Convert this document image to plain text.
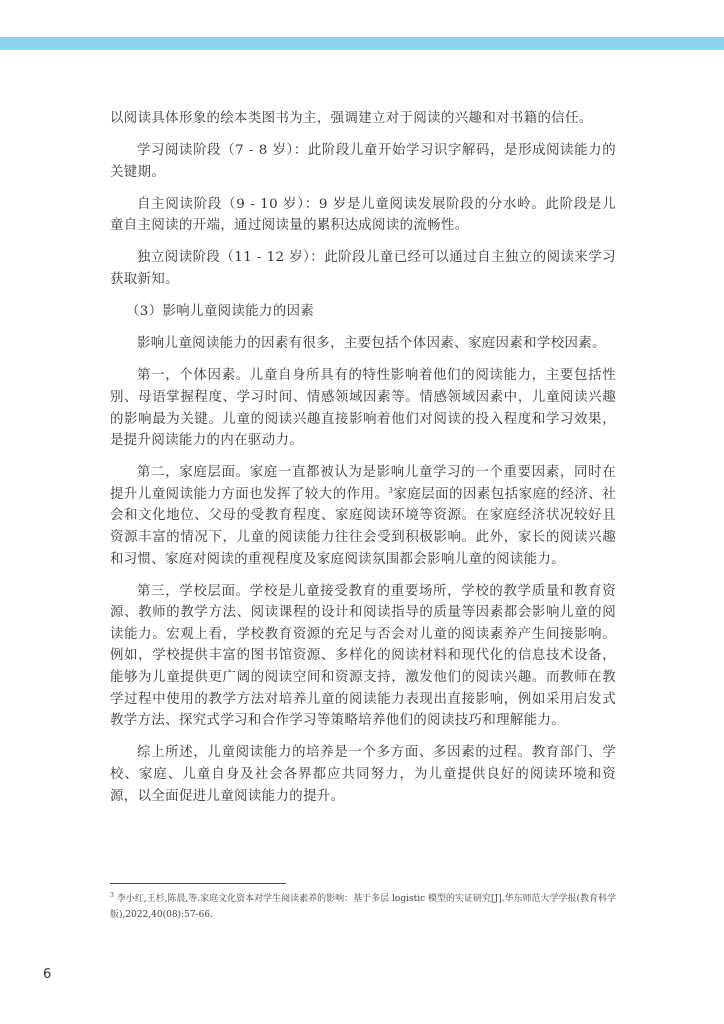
以阅读具体形象的绘本类图书为主，强调建立对于阅读的兴趣和对书籍的信任。

学习阅读阶段（7 - 8 岁）：此阶段儿童开始学习识字解码，是形成阅读能力的关键期。

自主阅读阶段（9 - 10 岁）：9 岁是儿童阅读发展阶段的分水岭。此阶段是儿童自主阅读的开端，通过阅读量的累积达成阅读的流畅性。

独立阅读阶段（11 - 12 岁）：此阶段儿童已经可以通过自主独立的阅读来学习获取新知。

（3）影响儿童阅读能力的因素

影响儿童阅读能力的因素有很多，主要包括个体因素、家庭因素和学校因素。

第一，个体因素。儿童自身所具有的特性影响着他们的阅读能力，主要包括性别、母语掌握程度、学习时间、情感领域因素等。情感领域因素中，儿童阅读兴趣的影响最为关键。儿童的阅读兴趣直接影响着他们对阅读的投入程度和学习效果，是提升阅读能力的内在驱动力。

第二，家庭层面。家庭一直都被认为是影响儿童学习的一个重要因素，同时在提升儿童阅读能力方面也发挥了较大的作用。$^3$家庭层面的因素包括家庭的经济、社会和文化地位、父母的受教育程度、家庭阅读环境等资源。在家庭经济状况较好且资源丰富的情况下，儿童的阅读能力往往会受到积极影响。此外，家长的阅读兴趣和习惯、家庭对阅读的重视程度及家庭阅读氛围都会影响儿童的阅读能力。

第三，学校层面。学校是儿童接受教育的重要场所，学校的教学质量和教育资源、教师的教学方法、阅读课程的设计和阅读指导的质量等因素都会影响儿童的阅读能力。宏观上看，学校教育资源的充足与否会对儿童的阅读素养产生间接影响。例如，学校提供丰富的图书馆资源、多样化的阅读材料和现代化的信息技术设备，能够为儿童提供更广阔的阅读空间和资源支持，激发他们的阅读兴趣。而教师在教学过程中使用的教学方法对培养儿童的阅读能力表现出直接影响，例如采用启发式教学方法、探究式学习和合作学习等策略培养他们的阅读技巧和理解能力。

综上所述，儿童阅读能力的培养是一个多方面、多因素的过程。教育部门、学校、家庭、儿童自身及社会各界都应共同努力，为儿童提供良好的阅读环境和资源，以全面促进儿童阅读能力的提升。

$^3$ 李小红,王杉,陈晨,等.家庭文化资本对学生阅读素养的影响：基于多层 logistic 模型的实证研究[J].华东师范大学学报(教育科学版),2022,40(08):57-66.
6
